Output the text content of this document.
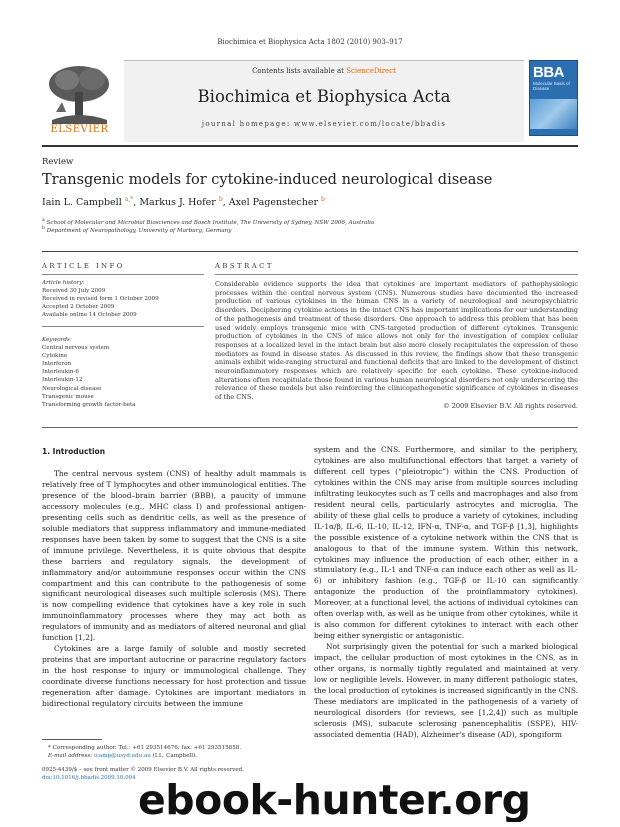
Biochimica et Biophysica Acta 1802 (2010) 903–917
ELSEVIER
Contents lists available at ScienceDirect
Biochimica et Biophysica Acta
journal homepage: www.elsevier.com/locate/bbadis
BBA
Molecular Basis of Disease
Review
Transgenic models for cytokine-induced neurological disease
Iain L. Campbell $^{a,*}$, Markus J. Hofer $^b$, Axel Pagenstecher $^b$
$^a$ School of Molecular and Microbial Biosciences and Bosch Institute, The University of Sydney, NSW 2006, Australia
$^b$ Department of Neuropathology, University of Marburg, Germany
ARTICLE INFO	ABSTRACT
Article history:
Received 30 July 2009
Received in revised form 1 October 2009
Accepted 2 October 2009
Available online 14 October 2009
Keywords:
Central nervous system
Cytokine
Interferon
Interleukin-6
Interleukin-12
Neurological disease
Transgenic mouse
Transforming growth factor-beta
Considerable evidence supports the idea that cytokines are important mediators of pathophysiologic processes within the central nervous system (CNS). Numerous studies have documented the increased production of various cytokines in the human CNS in a variety of neurological and neuropsychiatric disorders. Deciphering cytokine actions in the intact CNS has important implications for our understanding of the pathogenesis and treatment of these disorders. One approach to address this problem that has been used widely employs transgenic mice with CNS-targeted production of different cytokines. Transgenic production of cytokines in the CNS of mice allows not only for the investigation of complex cellular responses at a localized level in the intact brain but also more closely recapitulates the expression of these mediators as found in disease states. As discussed in this review, the findings show that these transgenic animals exhibit wide-ranging structural and functional deficits that are linked to the development of distinct neuroinflammatory responses which are relatively specific for each cytokine. These cytokine-induced alterations often recapitulate those found in various human neurological disorders not only underscoring the relevance of these models but also reinforcing the clinicopathogenetic significance of cytokines in diseases of the CNS.
© 2009 Elsevier B.V. All rights reserved.
1. Introduction

The central nervous system (CNS) of healthy adult mammals is relatively free of T lymphocytes and other immunological entities. The presence of the blood–brain barrier (BBB), a paucity of immune accessory molecules (e.g., MHC class I) and professional antigen-presenting cells such as dendritic cells, as well as the presence of soluble mediators that suppress inflammatory and immune-mediated responses have been taken by some to suggest that the CNS is a site of immune privilege. Nevertheless, it is quite obvious that despite these barriers and regulatory signals, the development of inflammatory and/or autoimmune responses occur within the CNS compartment and this can contribute to the pathogenesis of some significant neurological diseases such multiple sclerosis (MS). There is now compelling evidence that cytokines have a key role in such immunoinflammatory processes where they may act both as regulators of immunity and as mediators of altered neuronal and glial function [1,2].

Cytokines are a large family of soluble and mostly secreted proteins that are important autocrine or paracrine regulatory factors in the host response to injury or immunological challenge. They coordinate diverse functions necessary for host protection and tissue regeneration after damage. Cytokines are important mediators in bidirectional regulatory circuits between the immune

system and the CNS. Furthermore, and similar to the periphery, cytokines are also multifunctional effectors that target a variety of different cell types (“pleiotropic”) within the CNS. Production of cytokines within the CNS may arise from multiple sources including infiltrating leukocytes such as T cells and macrophages and also from resident neural cells, particularly astrocytes and microglia. The ability of these glial cells to produce a variety of cytokines, including IL-1α/β, IL-6, IL-10, IL-12, IFN-α, TNF-α, and TGF-β [1,3], highlights the possible existence of a cytokine network within the CNS that is analogous to that of the immune system. Within this network, cytokines may influence the production of each other, either in a stimulatory (e.g., IL-1 and TNF-α can induce each other as well as IL-6) or inhibitory fashion (e.g., TGF-β or IL-10 can significantly antagonize the production of the proinflammatory cytokines). Moreover, at a functional level, the actions of individual cytokines can often overlap with, as well as be unique from other cytokines, while it is also common for different cytokines to interact with each other being either synergistic or antagonistic.

Not surprisingly given the potential for such a marked biological impact, the cellular production of most cytokines in the CNS, as in other organs, is normally tightly regulated and maintained at very low or negligible levels. However, in many different pathologic states, the local production of cytokines is increased significantly in the CNS. These mediators are implicated in the pathogenesis of a variety of neurological disorders (for reviews, see [1,2,4]) such as multiple sclerosis (MS), subacute sclerosing panencephalitis (SSPE), HIV-associated dementia (HAD), Alzheimer's disease (AD), spongiform

* Corresponding author. Tel.: +61 293514676; fax: +61 293515858.
E-mail address: icamp@usyd.edu.au (I.L. Campbell).
0925-4439/$ – see front matter © 2009 Elsevier B.V. All rights reserved.
doi:10.1016/j.bbadis.2009.10.004 ebook-hunter.org
